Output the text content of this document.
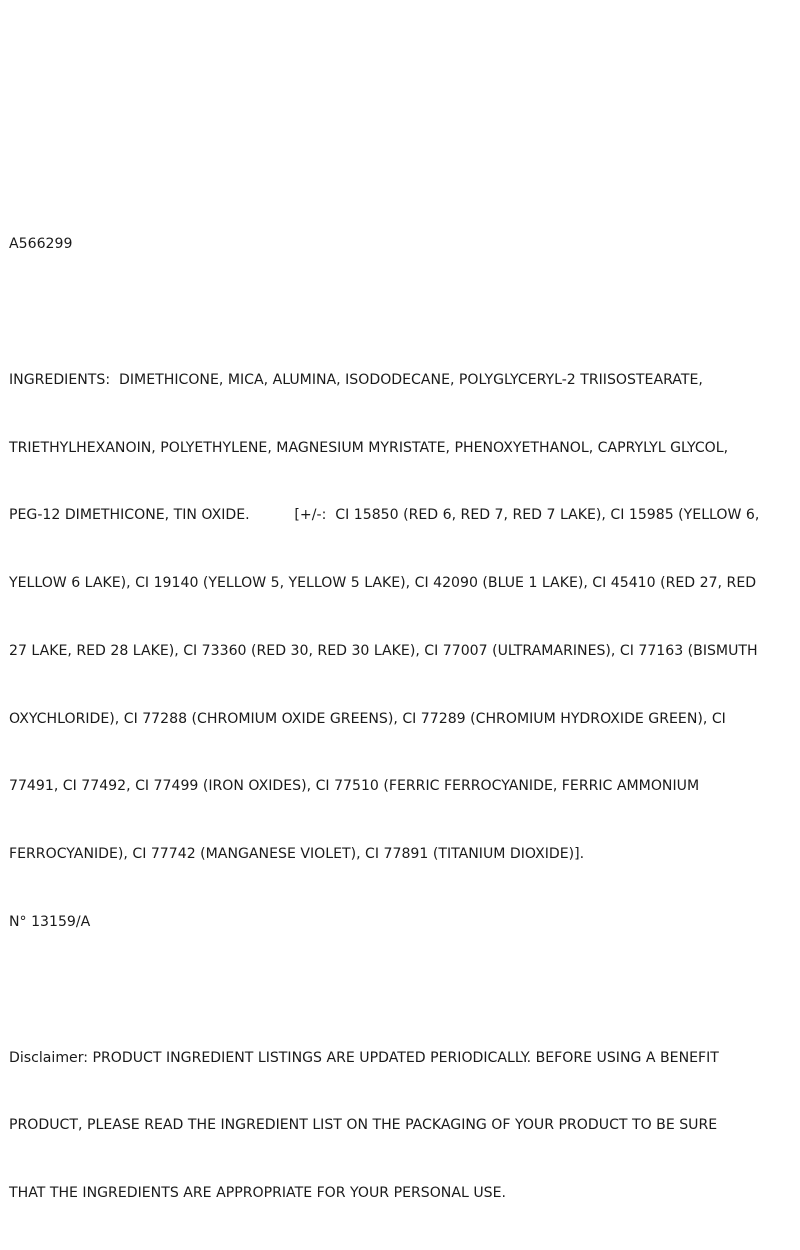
A566299

INGREDIENTS:  DIMETHICONE, MICA, ALUMINA, ISODODECANE, POLYGLYCERYL-2 TRIISOSTEARATE,

TRIETHYLHEXANOIN, POLYETHYLENE, MAGNESIUM MYRISTATE, PHENOXYETHANOL, CAPRYLYL GLYCOL,

PEG-12 DIMETHICONE, TIN OXIDE.          [+/-:  CI 15850 (RED 6, RED 7, RED 7 LAKE), CI 15985 (YELLOW 6,

YELLOW 6 LAKE), CI 19140 (YELLOW 5, YELLOW 5 LAKE), CI 42090 (BLUE 1 LAKE), CI 45410 (RED 27, RED

27 LAKE, RED 28 LAKE), CI 73360 (RED 30, RED 30 LAKE), CI 77007 (ULTRAMARINES), CI 77163 (BISMUTH

OXYCHLORIDE), CI 77288 (CHROMIUM OXIDE GREENS), CI 77289 (CHROMIUM HYDROXIDE GREEN), CI

77491, CI 77492, CI 77499 (IRON OXIDES), CI 77510 (FERRIC FERROCYANIDE, FERRIC AMMONIUM

FERROCYANIDE), CI 77742 (MANGANESE VIOLET), CI 77891 (TITANIUM DIOXIDE)].

N° 13159/A

Disclaimer: PRODUCT INGREDIENT LISTINGS ARE UPDATED PERIODICALLY. BEFORE USING A BENEFIT

PRODUCT, PLEASE READ THE INGREDIENT LIST ON THE PACKAGING OF YOUR PRODUCT TO BE SURE

THAT THE INGREDIENTS ARE APPROPRIATE FOR YOUR PERSONAL USE.
